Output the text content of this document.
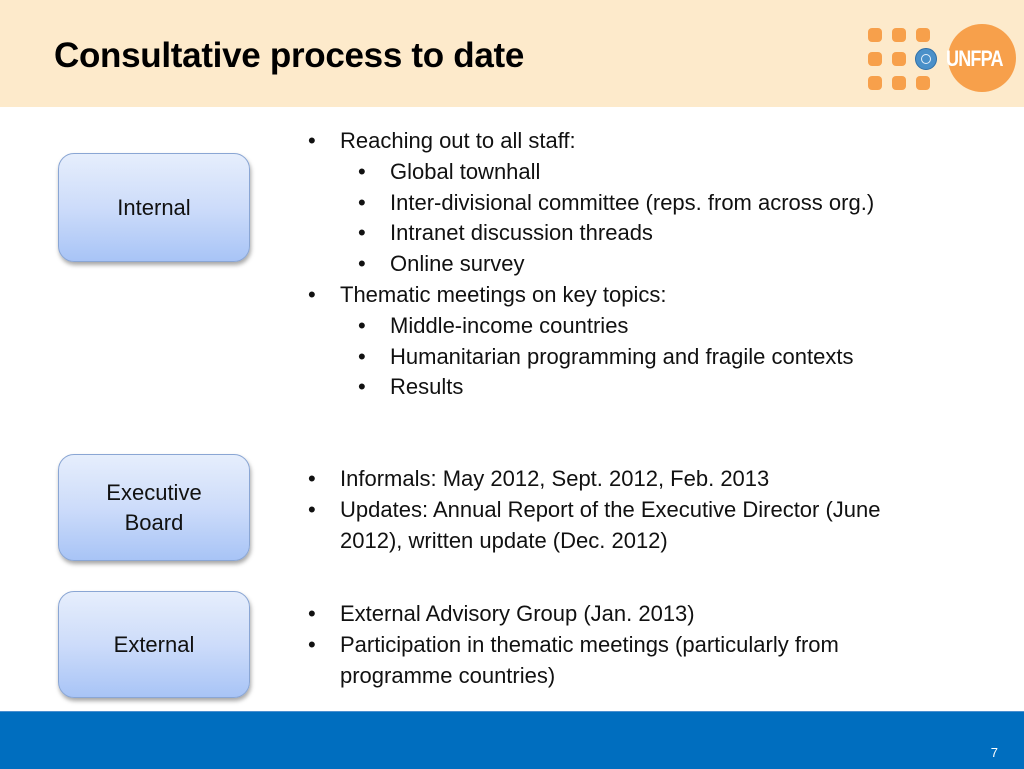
Consultative process to date	UNFPA
Internal
Executive
Board
External
• Reaching out to all staff:
• Global townhall
• Inter-divisional committee (reps. from across org.)
• Intranet discussion threads
• Online survey
• Thematic meetings on key topics:
• Middle-income countries
• Humanitarian programming and fragile contexts
• Results
• Informals: May 2012, Sept. 2012, Feb. 2013
• Updates: Annual Report of the Executive Director (June 2012), written update (Dec. 2012)
• External Advisory Group (Jan. 2013)
• Participation in thematic meetings (particularly from programme countries)
7
